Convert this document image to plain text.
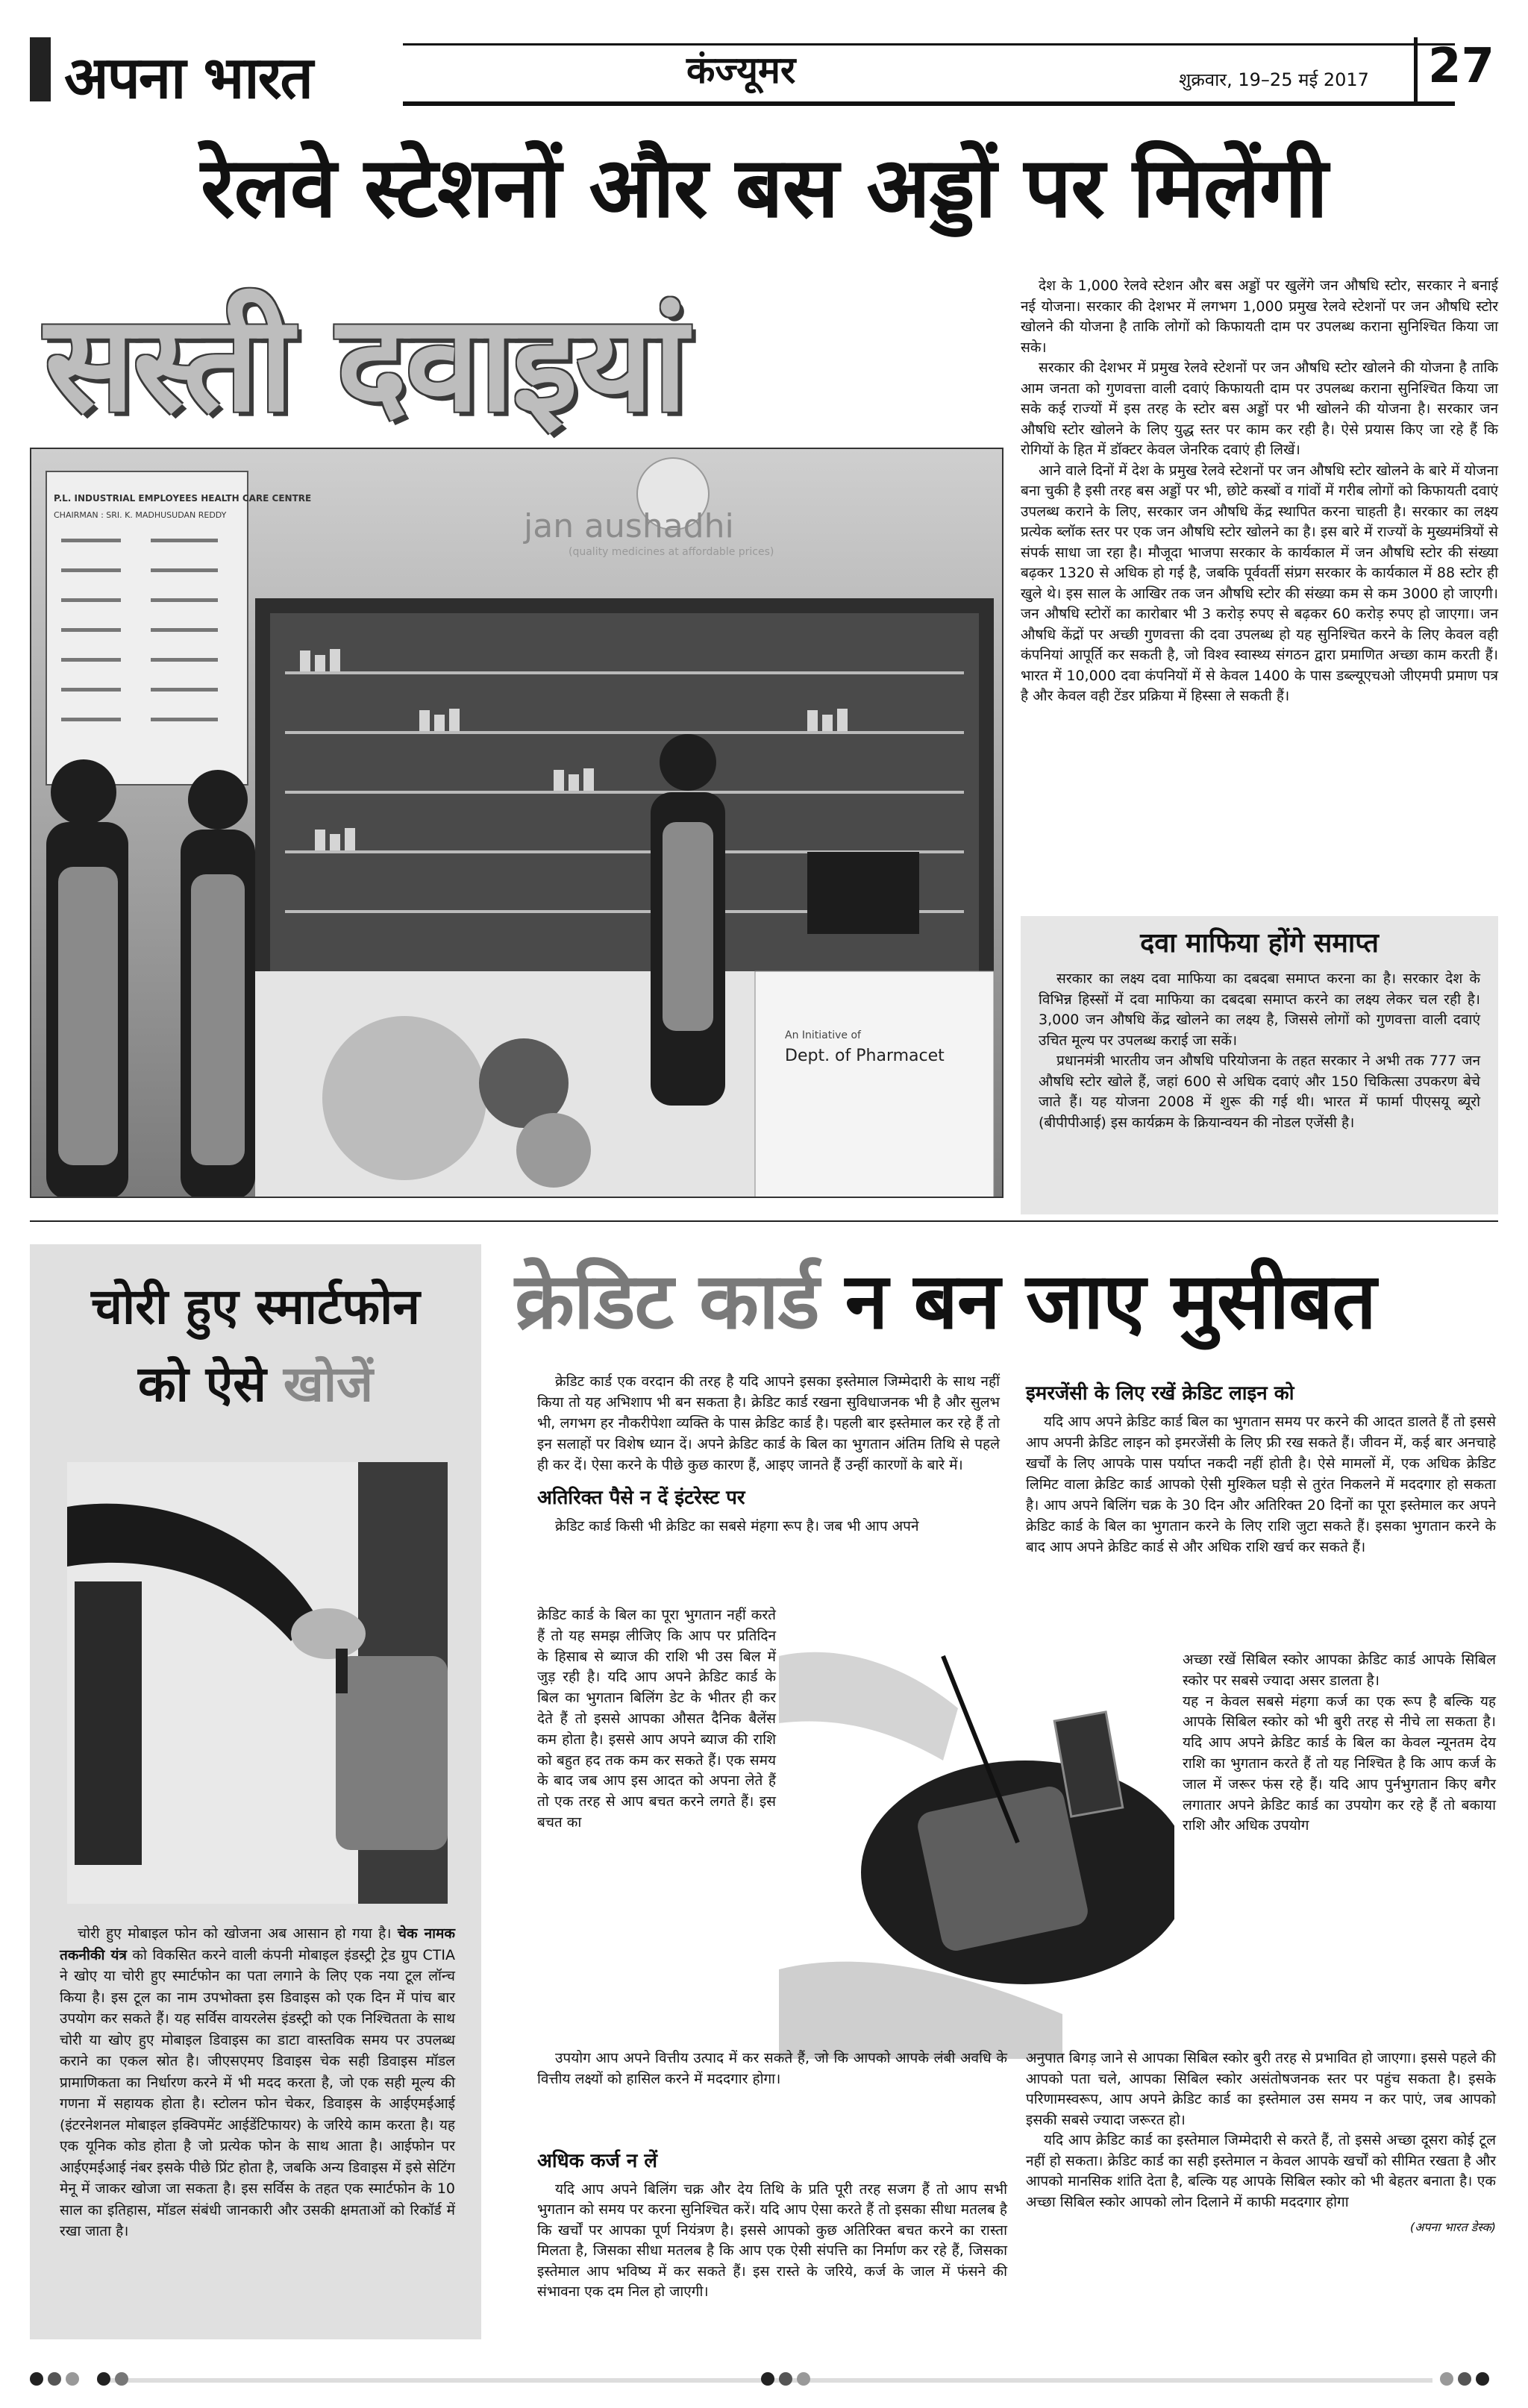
अपना भारत	कंज्यूमर	शुक्रवार, 19–25 मई 2017 27
रेलवे स्टेशनों और बस अड्डों पर मिलेंगी
सस्ती दवाइयां
P.L. INDUSTRIAL EMPLOYEES HEALTH CARE CENTRE
CHAIRMAN : SRI. K. MADHUSUDAN REDDY	jan aushadhi
(quality medicines at affordable prices)
An Initiative of
Dept. of Pharmacet

देश के 1,000 रेलवे स्टेशन और बस अड्डों पर खुलेंगे जन औषधि स्टोर, सरकार ने बनाई नई योजना। सरकार की देशभर में लगभग 1,000 प्रमुख रेलवे स्टेशनों पर जन औषधि स्टोर खोलने की योजना है ताकि लोगों को किफायती दाम पर उपलब्ध कराना सुनिश्चित किया जा सके।

सरकार की देशभर में प्रमुख रेलवे स्टेशनों पर जन औषधि स्टोर खोलने की योजना है ताकि आम जनता को गुणवत्ता वाली दवाएं किफायती दाम पर उपलब्ध कराना सुनिश्चित किया जा सके कई राज्यों में इस तरह के स्टोर बस अड्डों पर भी खोलने की योजना है। सरकार जन औषधि स्टोर खोलने के लिए युद्ध स्तर पर काम कर रही है। ऐसे प्रयास किए जा रहे हैं कि रोगियों के हित में डॉक्टर केवल जेनरिक दवाएं ही लिखें।

आने वाले दिनों में देश के प्रमुख रेलवे स्टेशनों पर जन औषधि स्टोर खोलने के बारे में योजना बना चुकी है इसी तरह बस अड्डों पर भी, छोटे कस्बों व गांवों में गरीब लोगों को किफायती दवाएं उपलब्ध कराने के लिए, सरकार जन औषधि केंद्र स्थापित करना चाहती है। सरकार का लक्ष्य प्रत्येक ब्लॉक स्तर पर एक जन औषधि स्टोर खोलने का है। इस बारे में राज्यों के मुख्यमंत्रियों से संपर्क साधा जा रहा है। मौजूदा भाजपा सरकार के कार्यकाल में जन औषधि स्टोर की संख्या बढ़कर 1320 से अधिक हो गई है, जबकि पूर्ववर्ती संप्रग सरकार के कार्यकाल में 88 स्टोर ही खुले थे। इस साल के आखिर तक जन औषधि स्टोर की संख्या कम से कम 3000 हो जाएगी। जन औषधि स्टोरों का कारोबार भी 3 करोड़ रुपए से बढ़कर 60 करोड़ रुपए हो जाएगा। जन औषधि केंद्रों पर अच्छी गुणवत्ता की दवा उपलब्ध हो यह सुनिश्चित करने के लिए केवल वही कंपनियां आपूर्ति कर सकती है, जो विश्व स्वास्थ्य संगठन द्वारा प्रमाणित अच्छा काम करती हैं। भारत में 10,000 दवा कंपनियों में से केवल 1400 के पास डब्ल्यूएचओ जीएमपी प्रमाण पत्र है और केवल वही टेंडर प्रक्रिया में हिस्सा ले सकती हैं।

दवा माफिया होंगे समाप्त

सरकार का लक्ष्य दवा माफिया का दबदबा समाप्त करना का है। सरकार देश के विभिन्न हिस्सों में दवा माफिया का दबदबा समाप्त करने का लक्ष्य लेकर चल रही है। 3,000 जन औषधि केंद्र खोलने का लक्ष्य है, जिससे लोगों को गुणवत्ता वाली दवाएं उचित मूल्य पर उपलब्ध कराई जा सकें।

प्रधानमंत्री भारतीय जन औषधि परियोजना के तहत सरकार ने अभी तक 777 जन औषधि स्टोर खोले हैं, जहां 600 से अधिक दवाएं और 150 चिकित्सा उपकरण बेचे जाते हैं। यह योजना 2008 में शुरू की गई थी। भारत में फार्मा पीएसयू ब्यूरो (बीपीपीआई) इस कार्यक्रम के क्रियान्वयन की नोडल एजेंसी है।

चोरी हुए स्मार्टफोन
को ऐसे खोजें
चोरी हुए मोबाइल फोन को खोजना अब आसान हो गया है। चेक नामक तकनीकी यंत्र को विकसित करने वाली कंपनी मोबाइल इंडस्ट्री ट्रेड ग्रुप CTIA ने खोए या चोरी हुए स्मार्टफोन का पता लगाने के लिए एक नया टूल लॉन्च किया है। इस टूल का नाम उपभोक्ता इस डिवाइस को एक दिन में पांच बार उपयोग कर सकते हैं। यह सर्विस वायरलेस इंडस्ट्री को एक निश्चितता के साथ चोरी या खोए हुए मोबाइल डिवाइस का डाटा वास्तविक समय पर उपलब्ध कराने का एकल स्रोत है। जीएसएमए डिवाइस चेक सही डिवाइस मॉडल प्रामाणिकता का निर्धारण करने में भी मदद करता है, जो एक सही मूल्य की गणना में सहायक होता है। स्टोलन फोन चेकर, डिवाइस के आईएमईआई (इंटरनेशनल मोबाइल इक्विपमेंट आईडेंटिफायर) के जरिये काम करता है। यह एक यूनिक कोड होता है जो प्रत्येक फोन के साथ आता है। आईफोन पर आईएमईआई नंबर इसके पीछे प्रिंट होता है, जबकि अन्य डिवाइस में इसे सेटिंग मेनू में जाकर खोजा जा सकता है। इस सर्विस के तहत एक स्मार्टफोन के 10 साल का इतिहास, मॉडल संबंधी जानकारी और उसकी क्षमताओं को रिकॉर्ड में रखा जाता है।
क्रेडिट कार्ड न बन जाए मुसीबत

क्रेडिट कार्ड एक वरदान की तरह है यदि आपने इसका इस्तेमाल जिम्मेदारी के साथ नहीं किया तो यह अभिशाप भी बन सकता है। क्रेडिट कार्ड रखना सुविधाजनक भी है और सुलभ भी, लगभग हर नौकरीपेशा व्यक्ति के पास क्रेडिट कार्ड है। पहली बार इस्तेमाल कर रहे हैं तो इन सलाहों पर विशेष ध्यान दें। अपने क्रेडिट कार्ड के बिल का भुगतान अंतिम तिथि से पहले ही कर दें। ऐसा करने के पीछे कुछ कारण हैं, आइए जानते हैं उन्हीं कारणों के बारे में।

अतिरिक्त पैसे न दें इंटरेस्ट पर

क्रेडिट कार्ड किसी भी क्रेडिट का सबसे मंहगा रूप है। जब भी आप अपने

क्रेडिट कार्ड के बिल का पूरा भुगतान नहीं करते हैं तो यह समझ लीजिए कि आप पर प्रतिदिन के हिसाब से ब्याज की राशि भी उस बिल में जुड़ रही है। यदि आप अपने क्रेडिट कार्ड के बिल का भुगतान बिलिंग डेट के भीतर ही कर देते हैं तो इससे आपका औसत दैनिक बैलेंस कम होता है। इससे आप अपने ब्याज की राशि को बहुत हद तक कम कर सकते हैं। एक समय के बाद जब आप इस आदत को अपना लेते हैं तो एक तरह से आप बचत करने लगते हैं। इस बचत का
उपयोग आप अपने वित्तीय उत्पाद में कर सकते हैं, जो कि आपको आपके लंबी अवधि के वित्तीय लक्ष्यों को हासिल करने में मददगार होगा।
अधिक कर्ज न लें

यदि आप अपने बिलिंग चक्र और देय तिथि के प्रति पूरी तरह सजग हैं तो आप सभी भुगतान को समय पर करना सुनिश्चित करें। यदि आप ऐसा करते हैं तो इसका सीधा मतलब है कि खर्चों पर आपका पूर्ण नियंत्रण है। इससे आपको कुछ अतिरिक्त बचत करने का रास्ता मिलता है, जिसका सीधा मतलब है कि आप एक ऐसी संपत्ति का निर्माण कर रहे हैं, जिसका इस्तेमाल आप भविष्य में कर सकते हैं। इस रास्ते के जरिये, कर्ज के जाल में फंसने की संभावना एक दम निल हो जाएगी।

इमरजेंसी के लिए रखें क्रेडिट लाइन को

यदि आप अपने क्रेडिट कार्ड बिल का भुगतान समय पर करने की आदत डालते हैं तो इससे आप अपनी क्रेडिट लाइन को इमरजेंसी के लिए फ्री रख सकते हैं। जीवन में, कई बार अनचाहे खर्चों के लिए आपके पास पर्याप्त नकदी नहीं होती है। ऐसे मामलों में, एक अधिक क्रेडिट लिमिट वाला क्रेडिट कार्ड आपको ऐसी मुश्किल घड़ी से तुरंत निकलने में मददगार हो सकता है। आप अपने बिलिंग चक्र के 30 दिन और अतिरिक्त 20 दिनों का पूरा इस्तेमाल कर अपने क्रेडिट कार्ड के बिल का भुगतान करने के लिए राशि जुटा सकते हैं। इसका भुगतान करने के बाद आप अपने क्रेडिट कार्ड से और अधिक राशि खर्च कर सकते हैं।

अच्छा रखें सिबिल स्कोर आपका क्रेडिट कार्ड आपके सिबिल स्कोर पर सबसे ज्यादा असर डालता है।
यह न केवल सबसे मंहगा कर्ज का एक रूप है बल्कि यह आपके सिबिल स्कोर को भी बुरी तरह से नीचे ला सकता है। यदि आप अपने क्रेडिट कार्ड के बिल का केवल न्यूनतम देय राशि का भुगतान करते हैं तो यह निश्चित है कि आप कर्ज के जाल में जरूर फंस रहे हैं। यदि आप पुर्नभुगतान किए बगैर लगातार अपने क्रेडिट कार्ड का उपयोग कर रहे हैं तो बकाया राशि और अधिक उपयोग
अनुपात बिगड़ जाने से आपका सिबिल स्कोर बुरी तरह से प्रभावित हो जाएगा। इससे पहले की आपको पता चले, आपका सिबिल स्कोर असंतोषजनक स्तर पर पहुंच सकता है। इसके परिणामस्वरूप, आप अपने क्रेडिट कार्ड का इस्तेमाल उस समय न कर पाएं, जब आपको इसकी सबसे ज्यादा जरूरत हो।

यदि आप क्रेडिट कार्ड का इस्तेमाल जिम्मेदारी से करते हैं, तो इससे अच्छा दूसरा कोई टूल नहीं हो सकता। क्रेडिट कार्ड का सही इस्तेमाल न केवल आपके खर्चों को सीमित रखता है और आपको मानसिक शांति देता है, बल्कि यह आपके सिबिल स्कोर को भी बेहतर बनाता है। एक अच्छा सिबिल स्कोर आपको लोन दिलाने में काफी मददगार होगा

(अपना भारत डेस्क)
